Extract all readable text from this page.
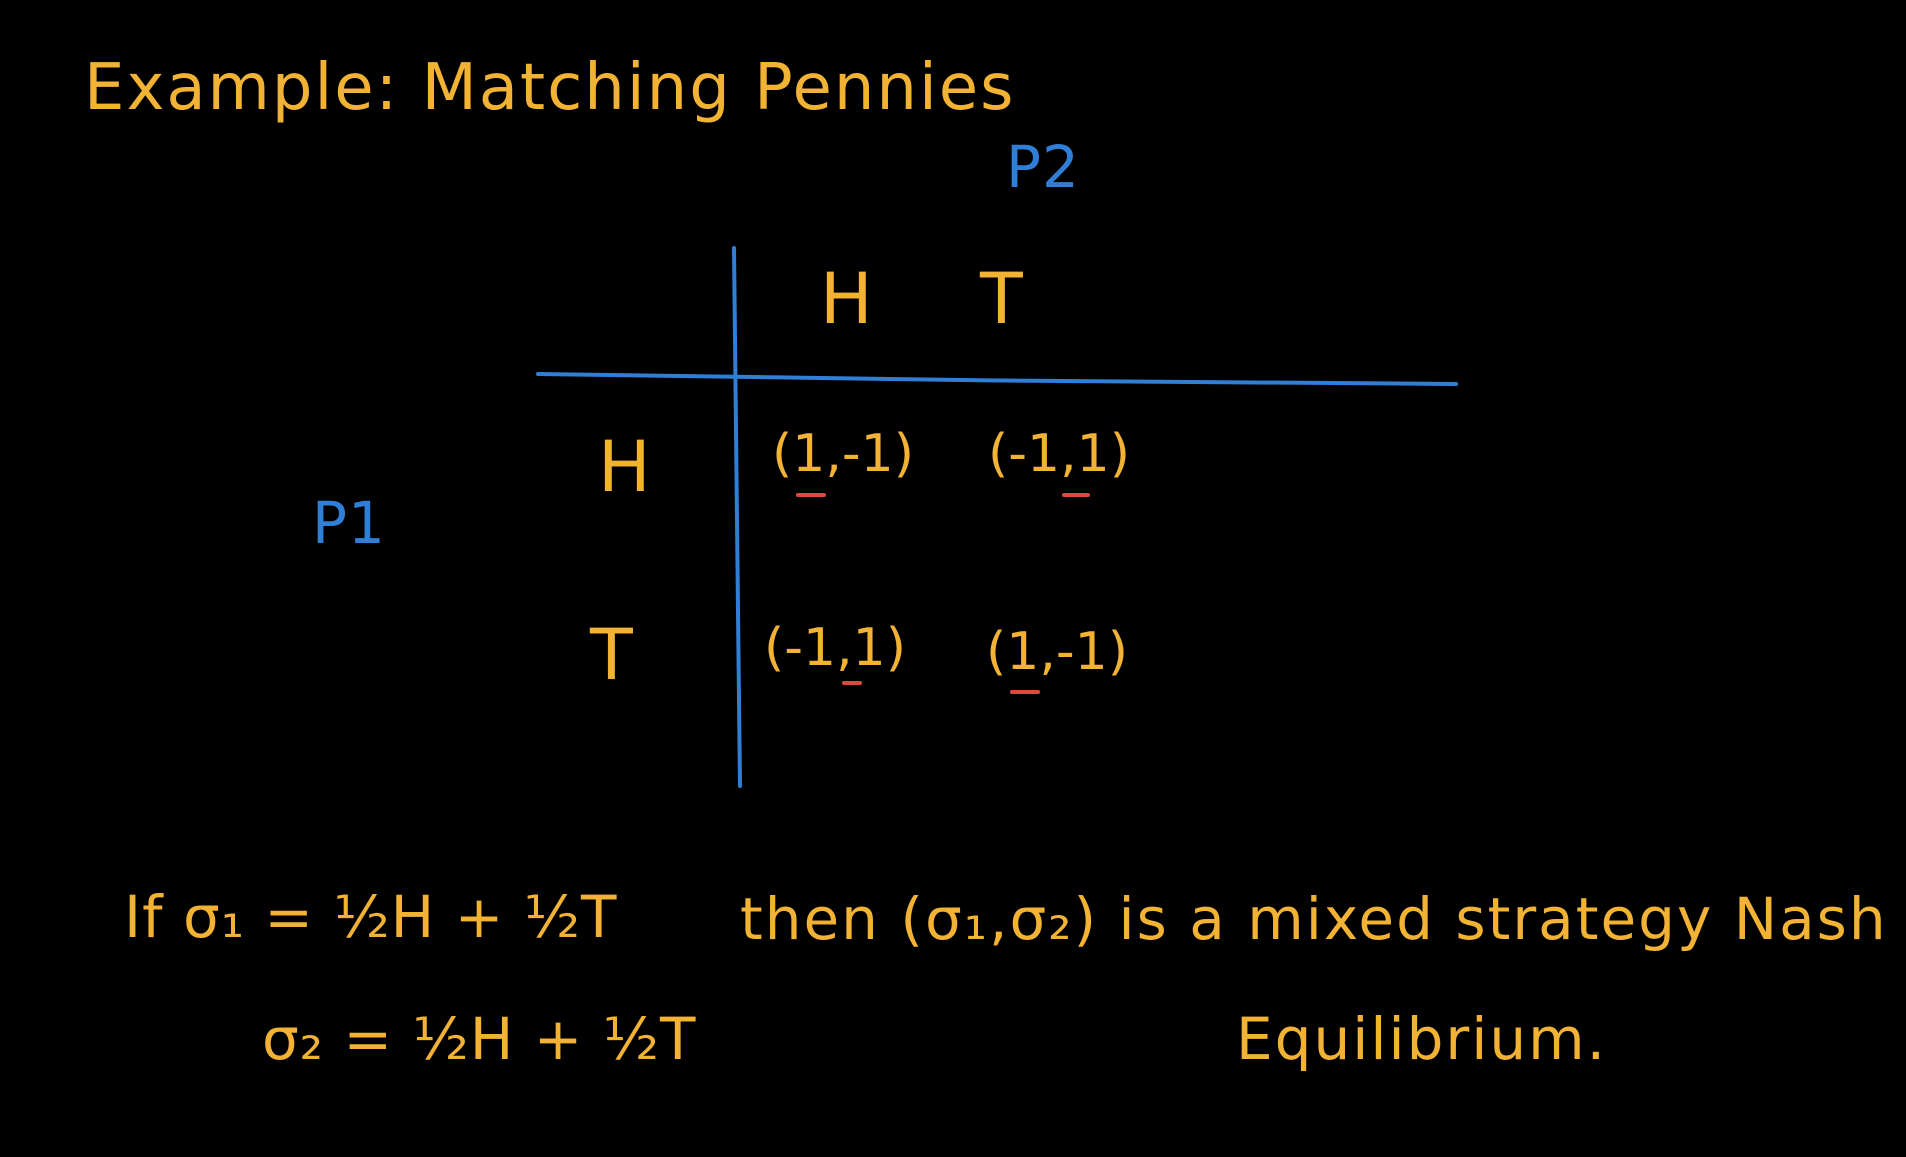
Example: Matching Pennies
P2
P1
H T
H
T
(1,-1) (-1,1)
(-1,1) (1,-1)
If σ₁ = ½H + ½T
σ₂ = ½H + ½T
then (σ₁,σ₂) is a mixed strategy Nash
Equilibrium.
